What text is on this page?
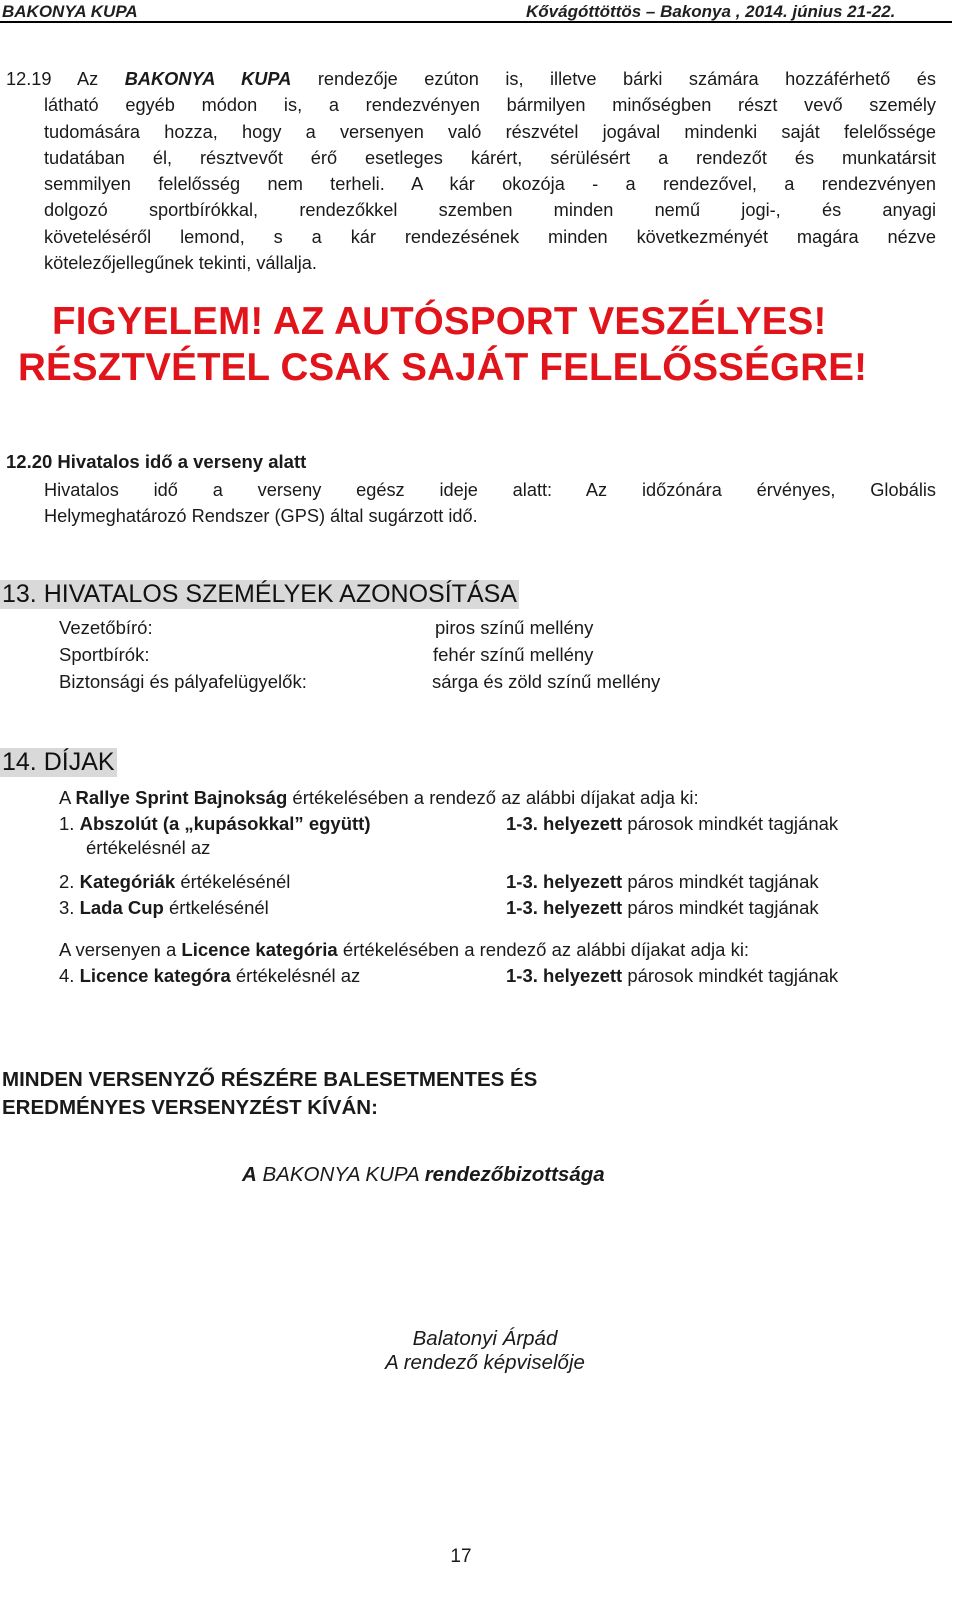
BAKONYA KUPA	Kővágóttöttös – Bakonya , 2014. június 21-22.
12.19 Az BAKONYA KUPA rendezője ezúton is, illetve bárki számára hozzáférhető és
látható egyéb módon is, a rendezvényen bármilyen minőségben részt vevő személy
tudomására hozza, hogy a versenyen való részvétel jogával mindenki saját felelőssége
tudatában él, résztvevőt érő esetleges kárért, sérülésért a rendezőt és munkatársit
semmilyen felelősség nem terheli. A kár okozója - a rendezővel, a rendezvényen
dolgozó sportbírókkal, rendezőkkel szemben minden nemű jogi-, és anyagi
követeléséről lemond, s a kár rendezésének minden következményét magára nézve
kötelezőjellegűnek tekinti, vállalja.
FIGYELEM! AZ AUTÓSPORT VESZÉLYES!
RÉSZTVÉTEL CSAK SAJÁT FELELŐSSÉGRE!
12.20 Hivatalos idő a verseny alatt
Hivatalos idő a verseny egész ideje alatt: Az időzónára érvényes, Globális
Helymeghatározó Rendszer (GPS) által sugárzott idő.
13. HIVATALOS SZEMÉLYEK AZONOSÍTÁSA
Vezetőbíró:	piros színű mellény
Sportbírók:	fehér színű mellény
Biztonsági és pályafelügyelők:	sárga és zöld színű mellény
14. DÍJAK
A Rallye Sprint Bajnokság értékelésében a rendező az alábbi díjakat adja ki:
1. Abszolút (a „kupásokkal” együtt)	1-3. helyezett párosok mindkét tagjának
értékelésnél az
2. Kategóriák értékelésénél	1-3. helyezett páros mindkét tagjának
3. Lada Cup értkelésénél	1-3. helyezett páros mindkét tagjának
A versenyen a Licence kategória értékelésében a rendező az alábbi díjakat adja ki:
4. Licence kategóra értékelésnél az	1-3. helyezett párosok mindkét tagjának
MINDEN VERSENYZŐ RÉSZÉRE BALESETMENTES ÉS
EREDMÉNYES VERSENYZÉST KÍVÁN:
A BAKONYA KUPA rendezőbizottsága
Balatonyi Árpád
A rendező képviselője
17
